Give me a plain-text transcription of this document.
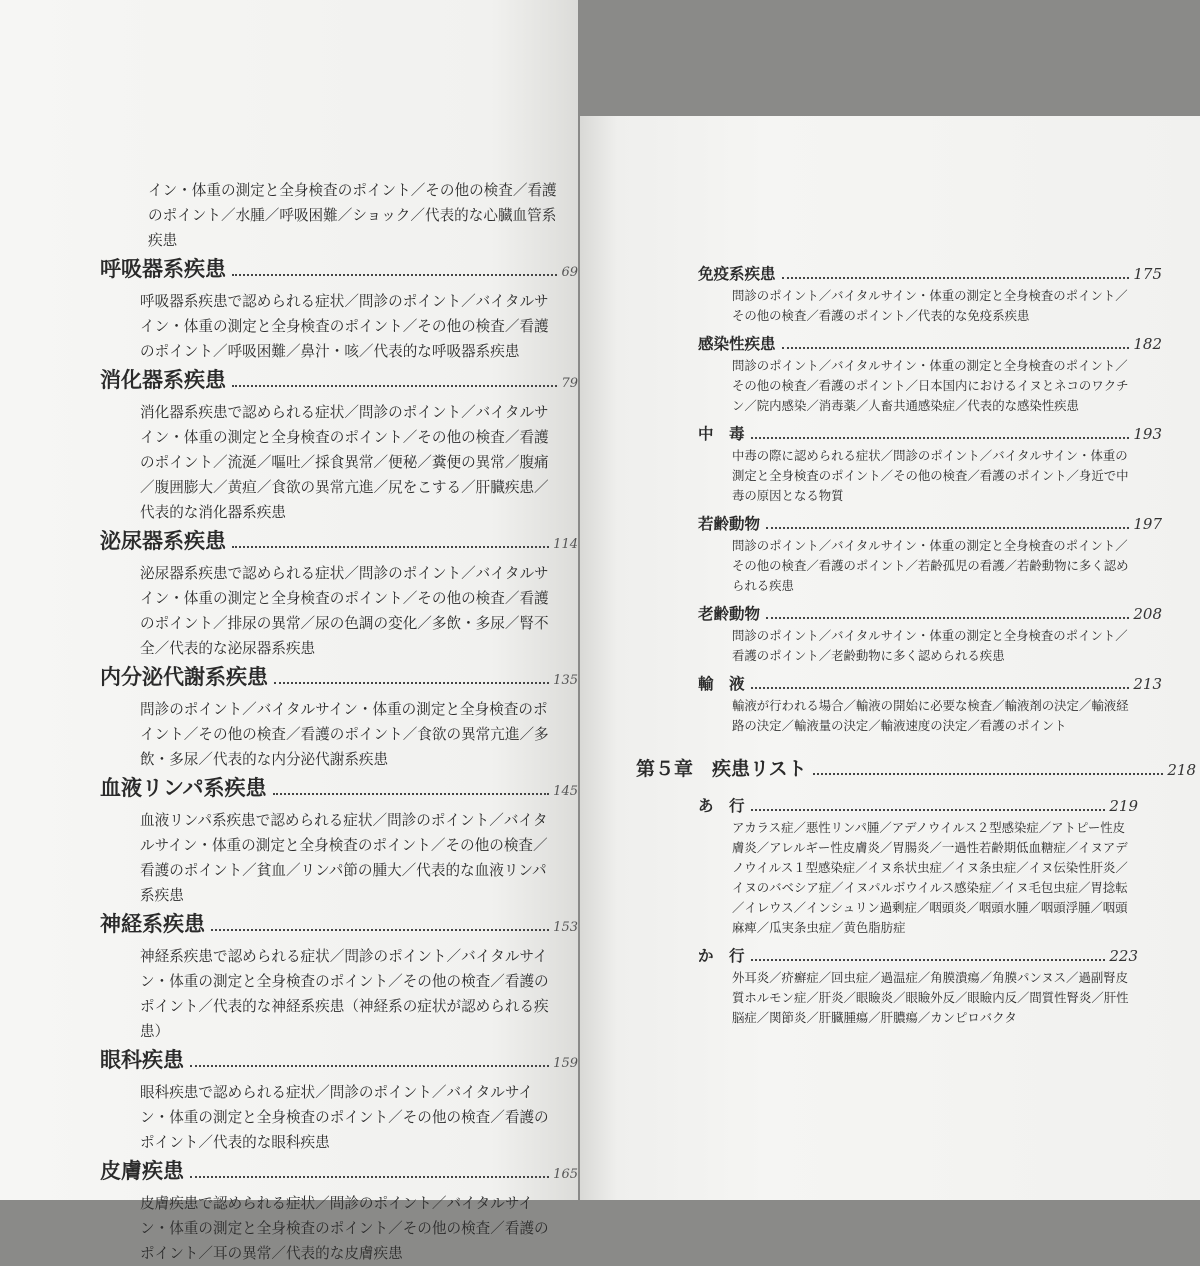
イン・体重の測定と全身検査のポイント／その他の検査／看護のポイント／水腫／呼吸困難／ショック／代表的な心臓血管系疾患
呼吸器系疾患	69
呼吸器系疾患で認められる症状／問診のポイント／バイタルサイン・体重の測定と全身検査のポイント／その他の検査／看護のポイント／呼吸困難／鼻汁・咳／代表的な呼吸器系疾患
消化器系疾患	79
消化器系疾患で認められる症状／問診のポイント／バイタルサイン・体重の測定と全身検査のポイント／その他の検査／看護のポイント／流涎／嘔吐／採食異常／便秘／糞便の異常／腹痛／腹囲膨大／黄疸／食欲の異常亢進／尻をこする／肝臓疾患／代表的な消化器系疾患
泌尿器系疾患	114
泌尿器系疾患で認められる症状／問診のポイント／バイタルサイン・体重の測定と全身検査のポイント／その他の検査／看護のポイント／排尿の異常／尿の色調の変化／多飲・多尿／腎不全／代表的な泌尿器系疾患
内分泌代謝系疾患	135
問診のポイント／バイタルサイン・体重の測定と全身検査のポイント／その他の検査／看護のポイント／食欲の異常亢進／多飲・多尿／代表的な内分泌代謝系疾患
血液リンパ系疾患	145
血液リンパ系疾患で認められる症状／問診のポイント／バイタルサイン・体重の測定と全身検査のポイント／その他の検査／看護のポイント／貧血／リンパ節の腫大／代表的な血液リンパ系疾患
神経系疾患	153
神経系疾患で認められる症状／問診のポイント／バイタルサイン・体重の測定と全身検査のポイント／その他の検査／看護のポイント／代表的な神経系疾患（神経系の症状が認められる疾患）
眼科疾患	159
眼科疾患で認められる症状／問診のポイント／バイタルサイン・体重の測定と全身検査のポイント／その他の検査／看護のポイント／代表的な眼科疾患
皮膚疾患	165
皮膚疾患で認められる症状／問診のポイント／バイタルサイン・体重の測定と全身検査のポイント／その他の検査／看護のポイント／耳の異常／代表的な皮膚疾患
免疫系疾患	175
問診のポイント／バイタルサイン・体重の測定と全身検査のポイント／その他の検査／看護のポイント／代表的な免疫系疾患
感染性疾患	182
問診のポイント／バイタルサイン・体重の測定と全身検査のポイント／その他の検査／看護のポイント／日本国内におけるイヌとネコのワクチン／院内感染／消毒薬／人畜共通感染症／代表的な感染性疾患
中　毒	193
中毒の際に認められる症状／問診のポイント／バイタルサイン・体重の測定と全身検査のポイント／その他の検査／看護のポイント／身近で中毒の原因となる物質
若齢動物	197
問診のポイント／バイタルサイン・体重の測定と全身検査のポイント／その他の検査／看護のポイント／若齢孤児の看護／若齢動物に多く認められる疾患
老齢動物	208
問診のポイント／バイタルサイン・体重の測定と全身検査のポイント／看護のポイント／老齢動物に多く認められる疾患
輸　液	213
輸液が行われる場合／輸液の開始に必要な検査／輸液剤の決定／輸液経路の決定／輸液量の決定／輸液速度の決定／看護のポイント
第５章　疾患リスト	218
あ　行	219
アカラス症／悪性リンパ腫／アデノウイルス２型感染症／アトピー性皮膚炎／アレルギー性皮膚炎／胃腸炎／一過性若齢期低血糖症／イヌアデノウイルス１型感染症／イヌ糸状虫症／イヌ条虫症／イヌ伝染性肝炎／イヌのバベシア症／イヌパルボウイルス感染症／イヌ毛包虫症／胃捻転／イレウス／インシュリン過剰症／咽頭炎／咽頭水腫／咽頭浮腫／咽頭麻痺／瓜実条虫症／黄色脂肪症
か　行	223
外耳炎／疥癬症／回虫症／過温症／角膜潰瘍／角膜パンヌス／過副腎皮質ホルモン症／肝炎／眼瞼炎／眼瞼外反／眼瞼内反／間質性腎炎／肝性脳症／関節炎／肝臓腫瘍／肝膿瘍／カンピロバクタ
